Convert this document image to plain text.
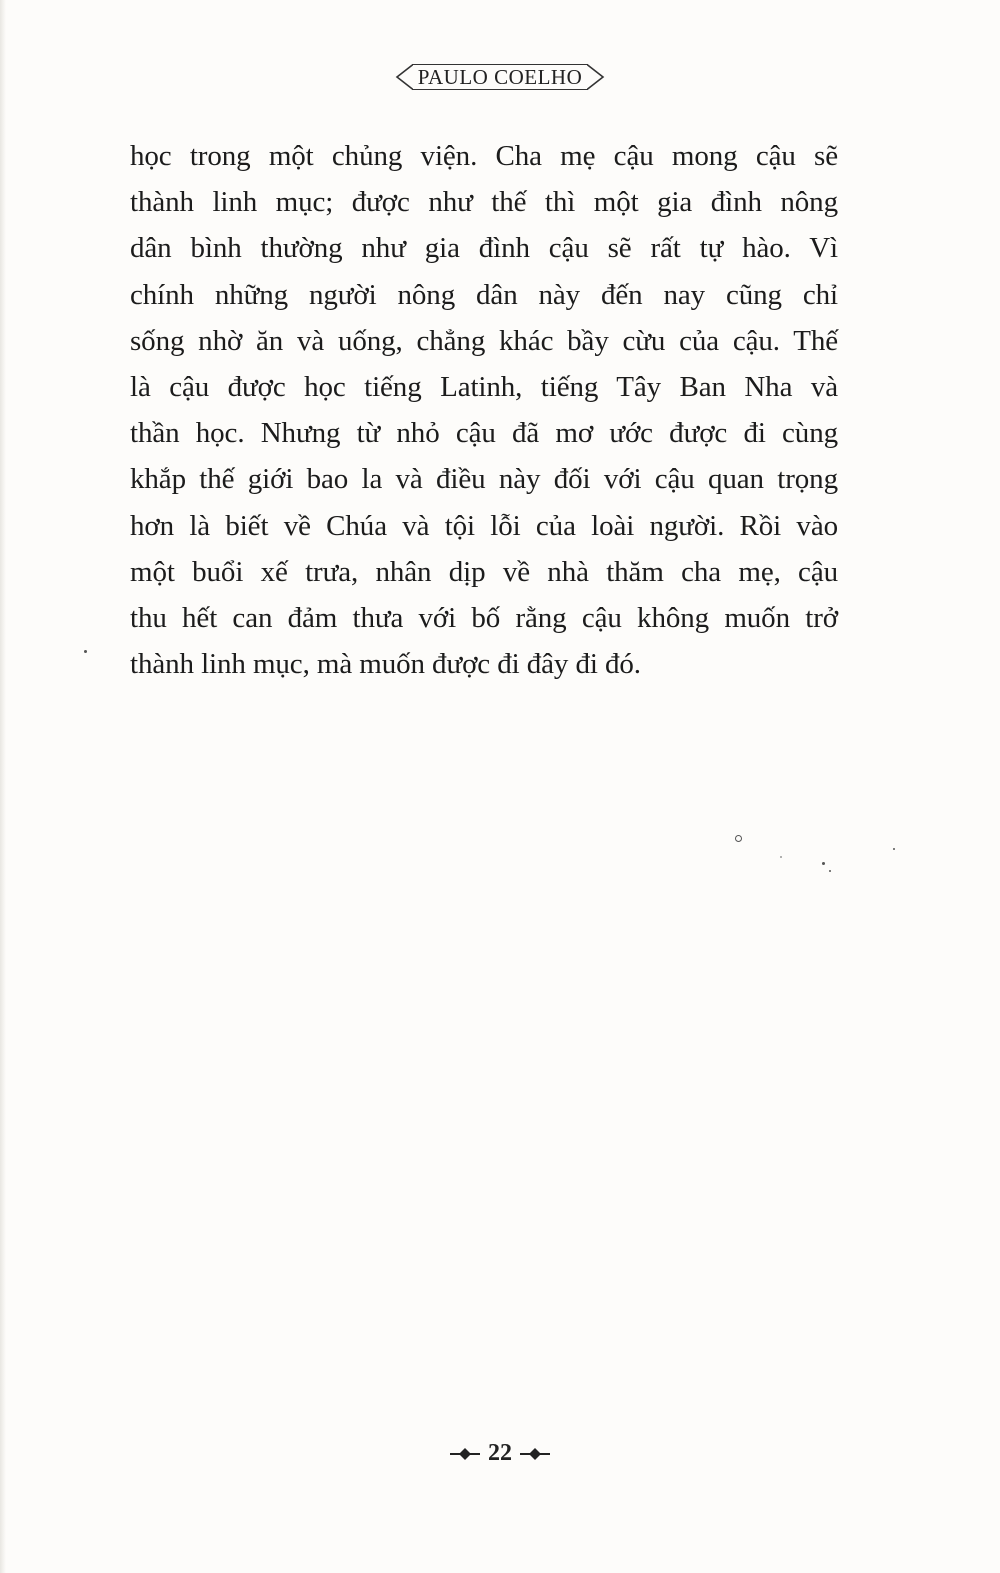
PAULO COELHO
học trong một chủng viện. Cha mẹ cậu mong cậu sẽ
thành linh mục; được như thế thì một gia đình nông
dân bình thường như gia đình cậu sẽ rất tự hào. Vì
chính những người nông dân này đến nay cũng chỉ
sống nhờ ăn và uống, chẳng khác bầy cừu của cậu. Thế
là cậu được học tiếng Latinh, tiếng Tây Ban Nha và
thần học. Nhưng từ nhỏ cậu đã mơ ước được đi cùng
khắp thế giới bao la và điều này đối với cậu quan trọng
hơn là biết về Chúa và tội lỗi của loài người. Rồi vào
một buổi xế trưa, nhân dịp về nhà thăm cha mẹ, cậu
thu hết can đảm thưa với bố rằng cậu không muốn trở
thành linh mục, mà muốn được đi đây đi đó.
22
